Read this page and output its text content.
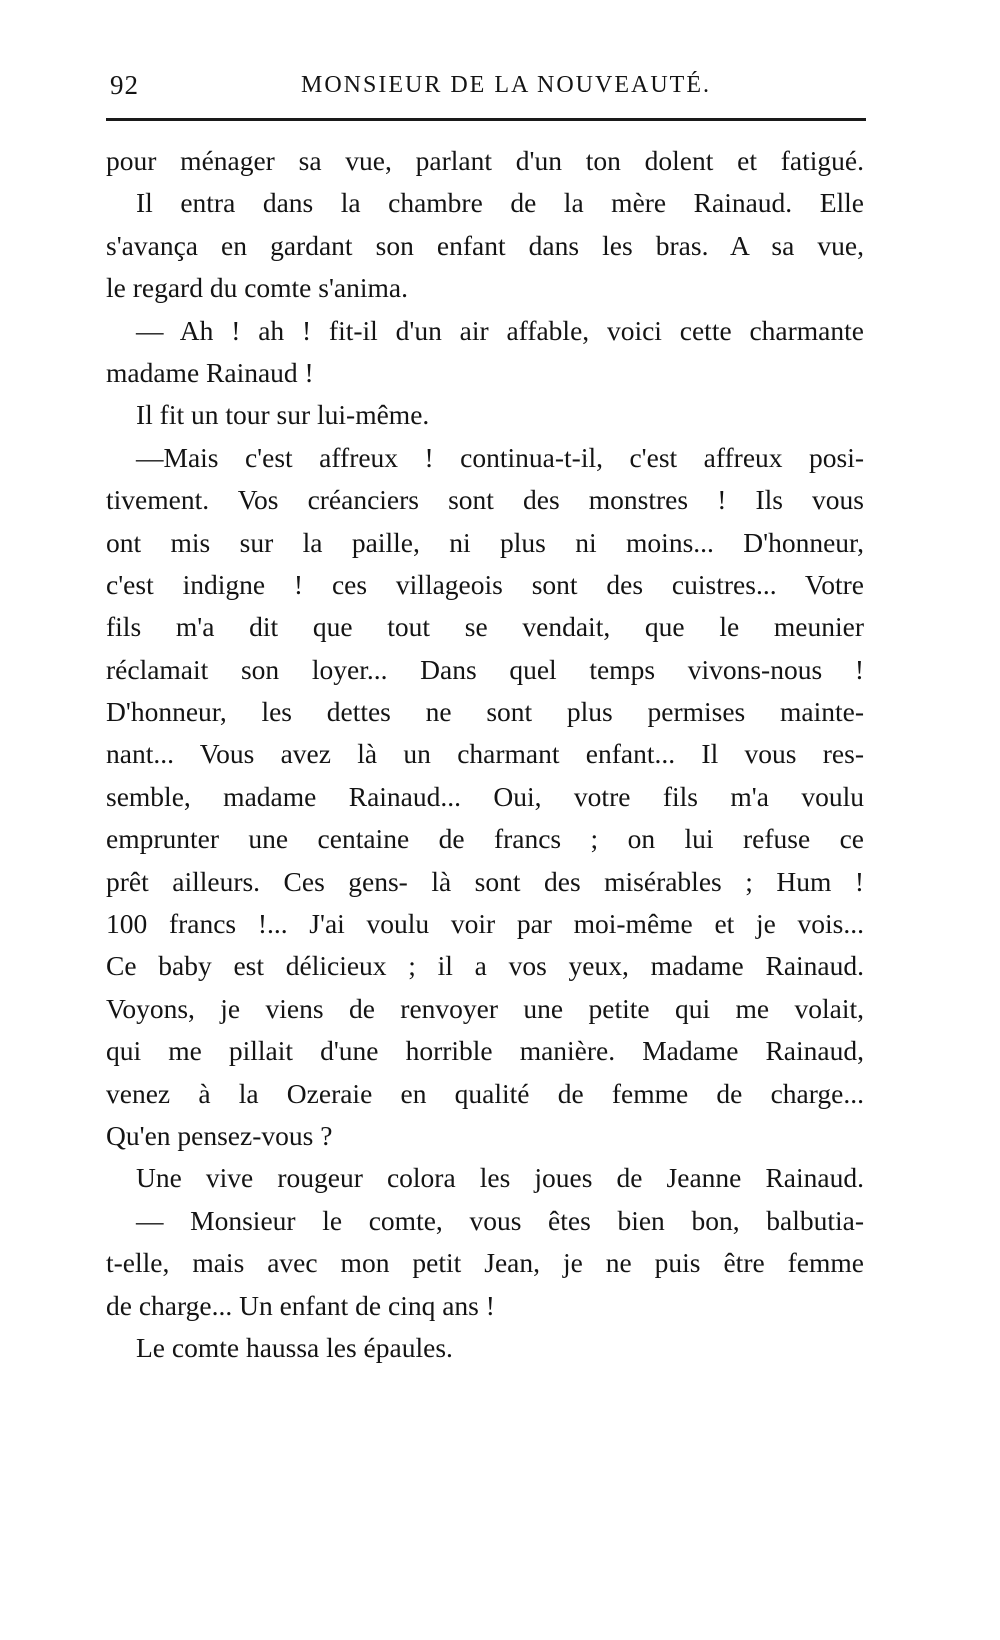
92	MONSIEUR DE LA NOUVEAUTÉ.
pour ménager sa vue, parlant d'un ton dolent et fatigué.
Il entra dans la chambre de la mère Rainaud. Elle
s'avança en gardant son enfant dans les bras. A sa vue,
le regard du comte s'anima.
— Ah ! ah ! fit-il d'un air affable, voici cette charmante
madame Rainaud !
Il fit un tour sur lui-même.
—Mais c'est affreux ! continua-t-il, c'est affreux posi-
tivement. Vos créanciers sont des monstres ! Ils vous
ont mis sur la paille, ni plus ni moins... D'honneur,
c'est indigne ! ces villageois sont des cuistres... Votre
fils m'a dit que tout se vendait, que le meunier
réclamait son loyer... Dans quel temps vivons-nous !
D'honneur, les dettes ne sont plus permises mainte-
nant... Vous avez là un charmant enfant... Il vous res-
semble, madame Rainaud... Oui, votre fils m'a voulu
emprunter une centaine de francs ; on lui refuse ce
prêt ailleurs. Ces gens- là sont des misérables ; Hum !
100 francs !... J'ai voulu voir par moi-même et je vois...
Ce baby est délicieux ; il a vos yeux, madame Rainaud.
Voyons, je viens de renvoyer une petite qui me volait,
qui me pillait d'une horrible manière. Madame Rainaud,
venez à la Ozeraie en qualité de femme de charge...
Qu'en pensez-vous ?
Une vive rougeur colora les joues de Jeanne Rainaud.
— Monsieur le comte, vous êtes bien bon, balbutia-
t-elle, mais avec mon petit Jean, je ne puis être femme
de charge... Un enfant de cinq ans !
Le comte haussa les épaules.
